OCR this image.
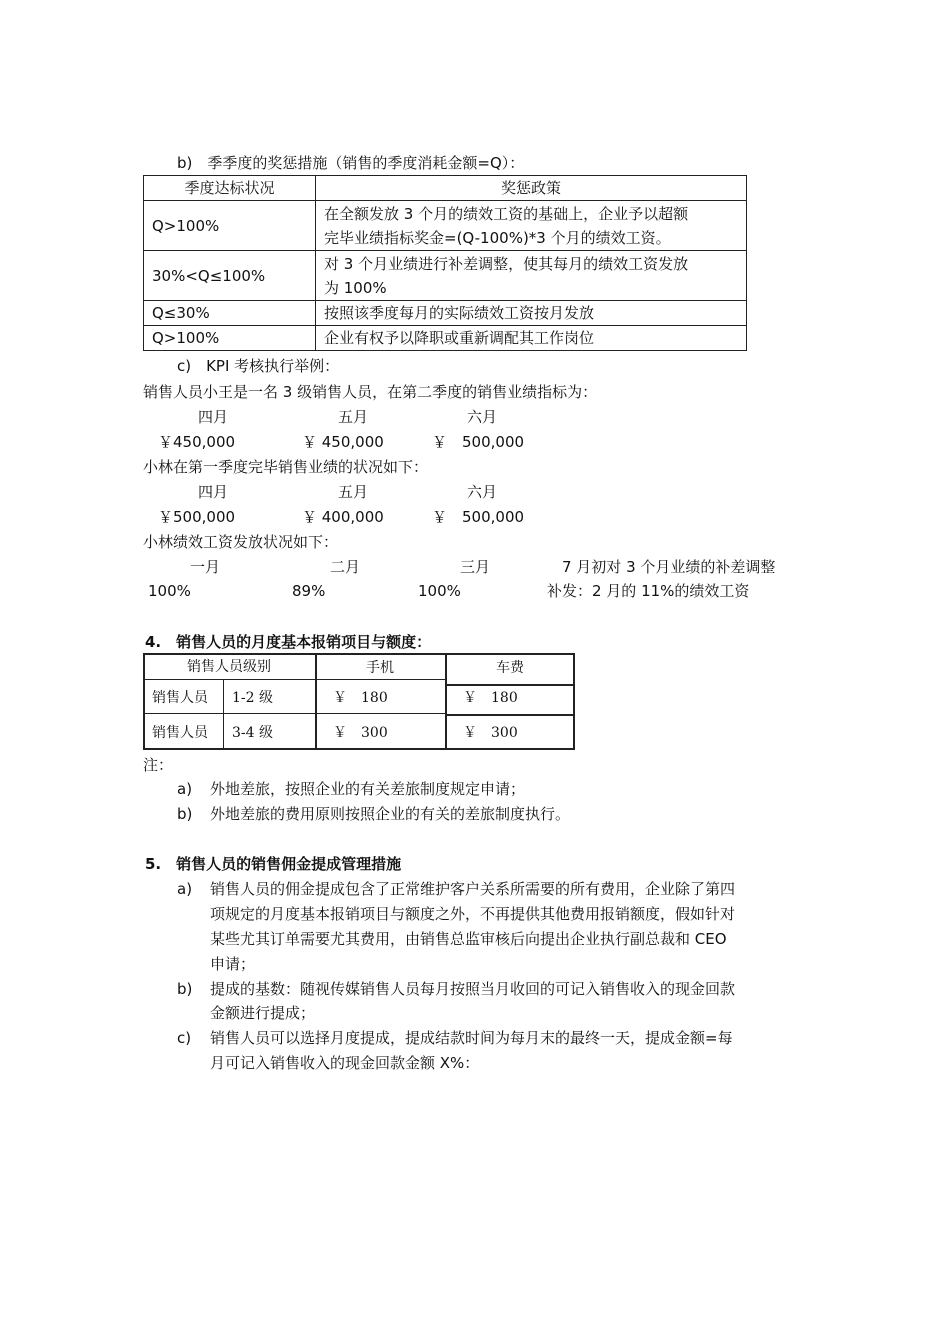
b)　季季度的奖惩措施（销售的季度消耗金额=Q）：
季度达标状况	奖惩政策
Q>100%	在全额发放 3 个月的绩效工资的基础上，企业予以超额
完毕业绩指标奖金=(Q-100%)*3 个月的绩效工资。

30%<Q≤100%	对 3 个月业绩进行补差调整，使其每月的绩效工资发放
为 100%

Q≤30%	按照该季度每月的实际绩效工资按月发放
Q>100%	企业有权予以降职或重新调配其工作岗位
c)　KPI 考核执行举例：
销售人员小王是一名 3 级销售人员，在第二季度的销售业绩指标为：
四月	五月	六月
￥450,000	￥ 450,000	￥　500,000
小林在第一季度完毕销售业绩的状况如下：
四月	五月	六月
￥500,000	￥ 400,000	￥　500,000
小林绩效工资发放状况如下：
一月	二月	三月	7 月初对 3 个月业绩的补差调整
100%	89%	100%	补发：2 月的 11%的绩效工资
4.　销售人员的月度基本报销项目与额度：
销售人员级别	手机	车费
销售人员	1-2 级	￥　180	￥　180
销售人员	3-4 级	￥　300	￥　300
注：
a) 外地差旅，按照企业的有关差旅制度规定申请；
b) 外地差旅的费用原则按照企业的有关的差旅制度执行。
5.　销售人员的销售佣金提成管理措施
a) 销售人员的佣金提成包含了正常维护客户关系所需要的所有费用，企业除了第四
项规定的月度基本报销项目与额度之外，不再提供其他费用报销额度，假如针对
某些尤其订单需要尤其费用，由销售总监审核后向提出企业执行副总裁和 CEO
申请；
b) 提成的基数：随视传媒销售人员每月按照当月收回的可记入销售收入的现金回款
金额进行提成；
c) 销售人员可以选择月度提成，提成结款时间为每月末的最终一天，提成金额=每
月可记入销售收入的现金回款金额 X%：
